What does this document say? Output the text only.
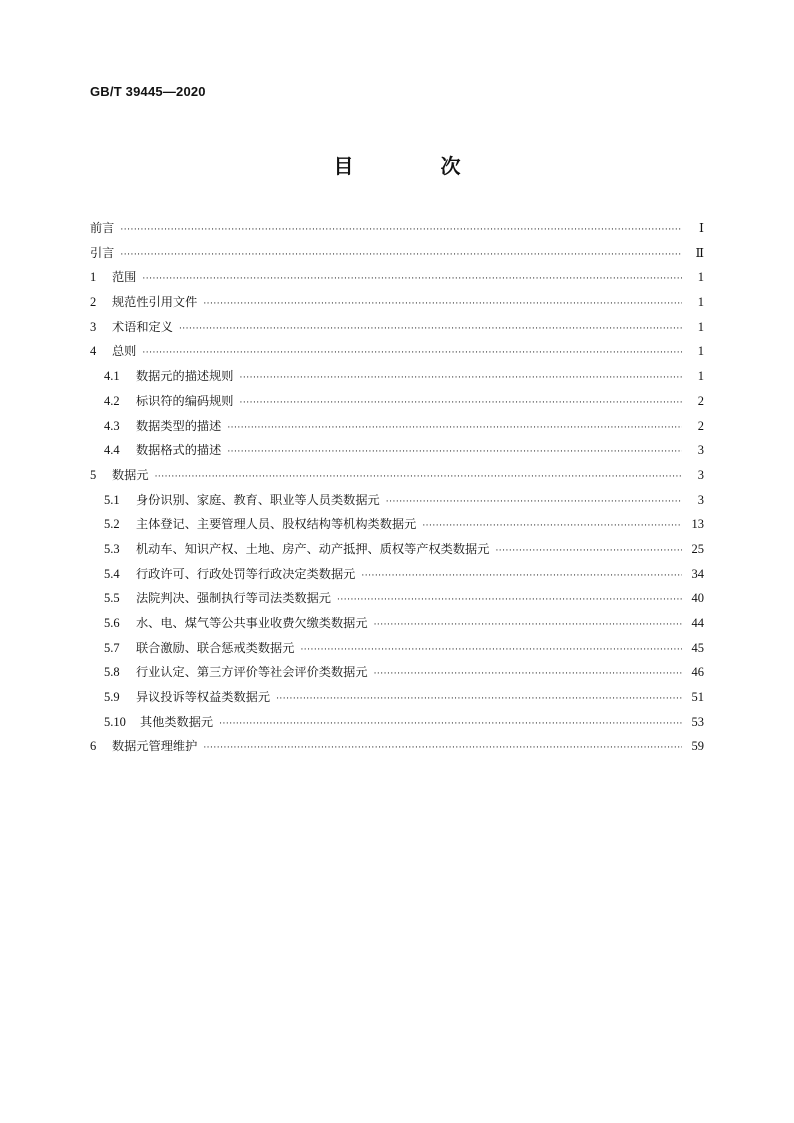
GB/T 39445—2020
目 次
前言 ·····	Ⅰ
引言 ·····	Ⅱ
1	范围 ·····	1
2	规范性引用文件 ·····	1
3	术语和定义 ·····	1
4	总则 ·····	1
4.1	数据元的描述规则 ·····	1
4.2	标识符的编码规则 ·····	2
4.3	数据类型的描述 ·····	2
4.4	数据格式的描述 ·····	3
5	数据元 ·····	3
5.1	身份识别、家庭、教育、职业等人员类数据元 ·····	3
5.2	主体登记、主要管理人员、股权结构等机构类数据元 ·····	13
5.3	机动车、知识产权、土地、房产、动产抵押、质权等产权类数据元 ·····	25
5.4	行政许可、行政处罚等行政决定类数据元 ·····	34
5.5	法院判决、强制执行等司法类数据元 ·····	40
5.6	水、电、煤气等公共事业收费欠缴类数据元 ·····	44
5.7	联合激励、联合惩戒类数据元 ·····	45
5.8	行业认定、第三方评价等社会评价类数据元 ·····	46
5.9	异议投诉等权益类数据元 ·····	51
5.10 其他类数据元 ·····	53
6	数据元管理维护 ·····	59
